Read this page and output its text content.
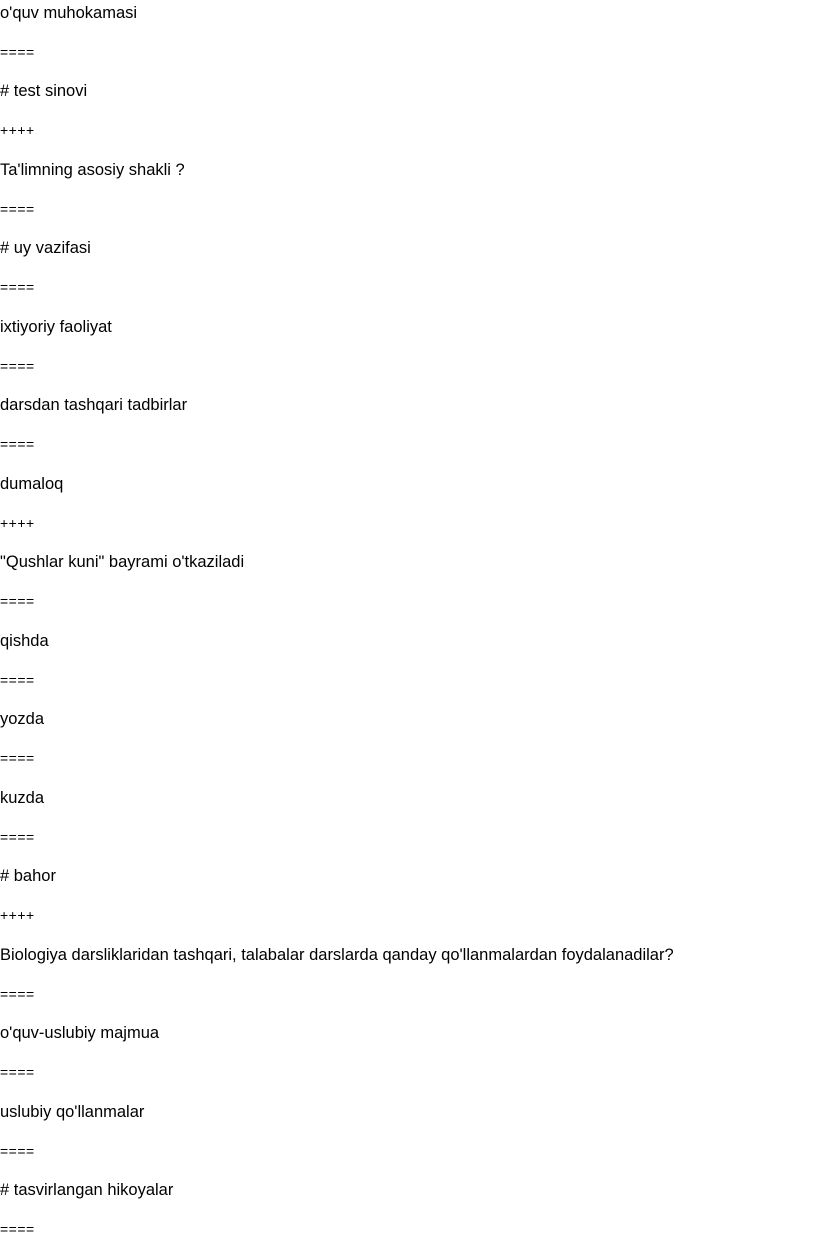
o'quv muhokamasi

====

# test sinovi

++++

Ta'limning asosiy shakli ?

====

# uy vazifasi

====

ixtiyoriy faoliyat

====

darsdan tashqari tadbirlar

====

dumaloq

++++

"Qushlar kuni" bayrami o'tkaziladi

====

qishda

====

yozda

====

kuzda

====

# bahor

++++

Biologiya darsliklaridan tashqari, talabalar darslarda qanday qo'llanmalardan foydalanadilar?

====

o'quv-uslubiy majmua

====

uslubiy qo'llanmalar

====

# tasvirlangan hikoyalar

====
